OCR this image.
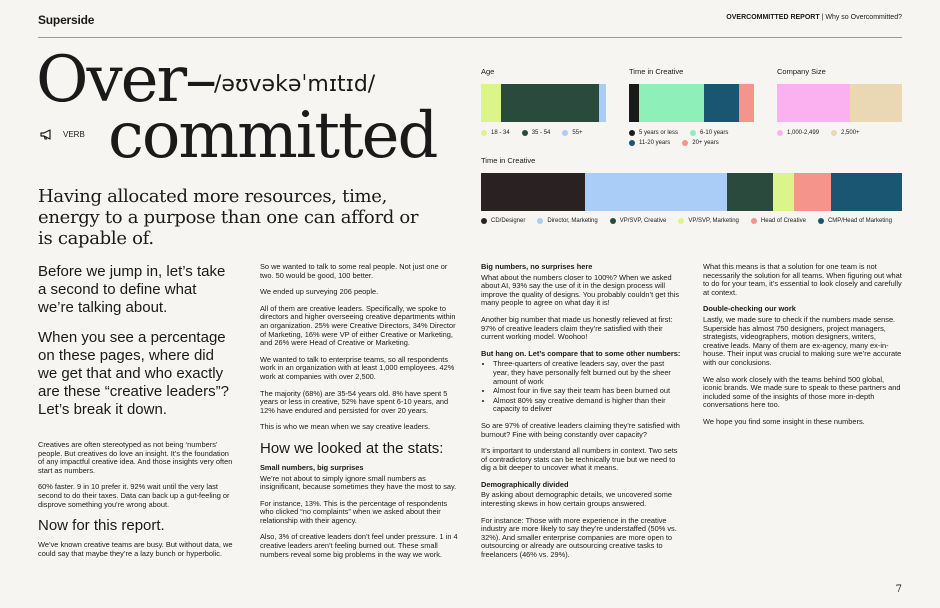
Superside	OVERCOMMITTED REPORT | Why so Overcommitted?
Over–
/əʊvəkəˈmɪtɪd/
committed
VERB
Having allocated more resources, time, energy to a purpose than one can afford or is capable of.
Age
18 - 34	35 - 54	55+
Time in Creative
5 years or less	6-10 years
11-20 years	20+ years
Company Size
1,000-2,499	2,500+
Time in Creative
CD/Designer	Director, Marketing	VP/SVP, Creative	VP/SVP, Marketing	Head of Creative	CMP/Head of Marketing
Before we jump in, let’s take a second to define what we’re talking about.
When you see a percentage on these pages, where did we get that and who exactly are these “creative leaders”? Let’s break it down.

Creatives are often stereotyped as not being ‘numbers’ people. But creatives do love an insight. It’s the foundation of any impactful creative idea. And those insights very often start as numbers.

60% faster. 9 in 10 prefer it. 92% wait until the very last second to do their taxes. Data can back up a gut-feeling or disprove something you’re wrong about.

Now for this report.

We’ve known creative teams are busy. But without data, we could say that maybe they’re a lazy bunch or hyperbolic.

So we wanted to talk to some real people. Not just one or two. 50 would be good, 100 better.

We ended up surveying 206 people.

All of them are creative leaders. Specifically, we spoke to directors and higher overseeing creative departments within an organization. 25% were Creative Directors, 34% Director of Marketing, 16% were VP of either Creative or Marketing, and 26% were Head of Creative or Marketing.

We wanted to talk to enterprise teams, so all respondents work in an organization with at least 1,000 employees. 42% work at companies with over 2,500.

The majority (68%) are 35-54 years old. 8% have spent 5 years or less in creative, 52% have spent 6-10 years, and 12% have endured and persisted for over 20 years.

This is who we mean when we say creative leaders.

How we looked at the stats:
Small numbers, big surprises

We’re not about to simply ignore small numbers as insignificant, because sometimes they have the most to say.

For instance, 13%. This is the percentage of respondents who clicked “no complaints” when we asked about their relationship with their agency.

Also, 3% of creative leaders don’t feel under pressure. 1 in 4 creative leaders aren’t feeling burned out. These small numbers reveal some big problems in the way we work.

Big numbers, no surprises here

What about the numbers closer to 100%? When we asked about AI, 93% say the use of it in the design process will improve the quality of designs. You probably couldn’t get this many people to agree on what day it is!

Another big number that made us honestly relieved at first: 97% of creative leaders claim they’re satisfied with their current working model. Woohoo!

But hang on. Let’s compare that to some other numbers:
• Three-quarters of creative leaders say, over the past year, they have personally felt burned out by the sheer amount of work
• Almost four in five say their team has been burned out
• Almost 80% say creative demand is higher than their capacity to deliver

So are 97% of creative leaders claiming they’re satisfied with burnout? Fine with being constantly over capacity?

It’s important to understand all numbers in context. Two sets of contradictory stats can be technically true but we need to dig a bit deeper to uncover what it means.

Demographically divided

By asking about demographic details, we uncovered some interesting skews in how certain groups answered.

For instance: Those with more experience in the creative industry are more likely to say they’re understaffed (50% vs. 32%). And smaller enterprise companies are more open to outsourcing or already are outsourcing creative tasks to freelancers (46% vs. 29%).

What this means is that a solution for one team is not necessarily the solution for all teams. When figuring out what to do for your team, it’s essential to look closely and carefully at context.

Double-checking our work

Lastly, we made sure to check if the numbers made sense. Superside has almost 750 designers, project managers, strategists, videographers, motion designers, writers, creative leads. Many of them are ex-agency, many ex-in-house. Their input was crucial to making sure we’re accurate with our conclusions.

We also work closely with the teams behind 500 global, iconic brands. We made sure to speak to these partners and included some of the insights of those more in-depth conversations here too.

We hope you find some insight in these numbers.

7
